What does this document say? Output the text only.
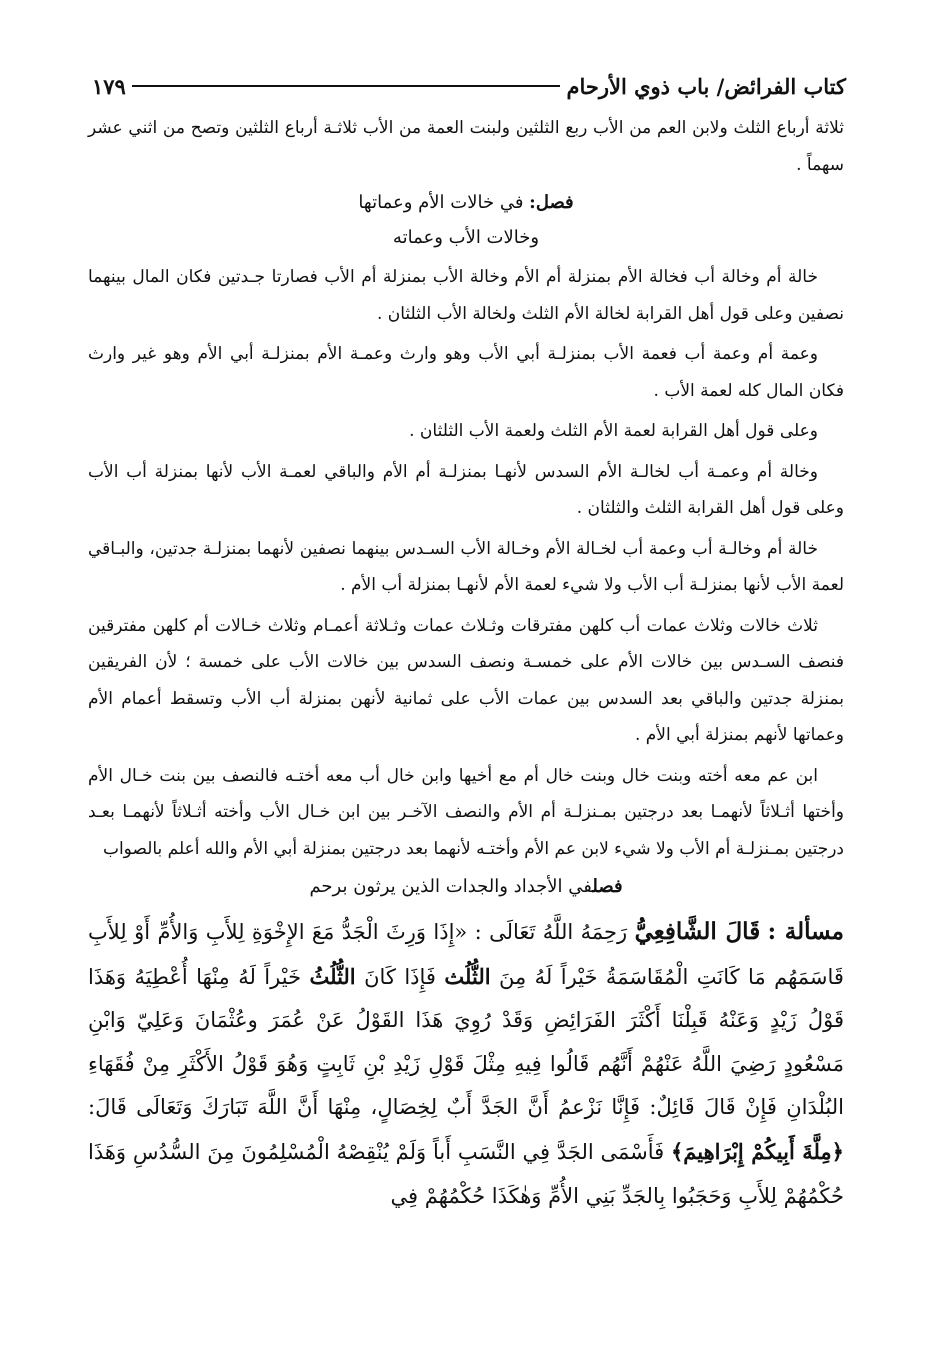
كتاب الفرائض/ باب ذوي الأرحام
١٧٩

ثلاثة أرباع الثلث ولابن العم من الأب ربع الثلثين ولبنت العمة من الأب ثلاثـة أرباع الثلثين وتصح من اثني عشر سهماً .

فصل: في خالات الأم وعماتها
وخالات الأب وعماته

خالة أم وخالة أب فخالة الأم بمنزلة أم الأم وخالة الأب بمنزلة أم الأب فصارتا جـدتين فكان المال بينهما نصفين وعلى قول أهل القرابة لخالة الأم الثلث ولخالة الأب الثلثان .

وعمة أم وعمة أب فعمة الأب بمنزلـة أبي الأب وهو وارث وعمـة الأم بمنزلـة أبي الأم وهو غير وارث فكان المال كله لعمة الأب .

وعلى قول أهل القرابة لعمة الأم الثلث ولعمة الأب الثلثان .

وخالة أم وعمـة أب لخالـة الأم السدس لأنهـا بمنزلـة أم الأم والباقي لعمـة الأب لأنها بمنزلة أب الأب وعلى قول أهل القرابة الثلث والثلثان .

خالة أم وخالـة أب وعمة أب لخـالة الأم وخـالة الأب السـدس بينهما نصفين لأنهما بمنزلـة جدتين، والبـاقي لعمة الأب لأنها بمنزلـة أب الأب ولا شيء لعمة الأم لأنهـا بمنزلة أب الأم .

ثلاث خالات وثلاث عمات أب كلهن مفترقات وثـلاث عمات وثـلاثة أعمـام وثلاث خـالات أم كلهن مفترقين فنصف السـدس بين خالات الأم على خمسـة ونصف السدس بين خالات الأب على خمسة ؛ لأن الفريقين بمنزلة جدتين والباقي بعد السدس بين عمات الأب على ثمانية لأنهن بمنزلة أب الأب وتسقط أعمام الأم وعماتها لأنهم بمنزلة أبي الأم .

ابن عم معه أخته وبنت خال وبنت خال أم مع أخيها وابن خال أب معه أختـه فالنصف بين بنت خـال الأم وأختها أثـلاثاً لأنهمـا بعد درجتين بمـنزلـة أم الأم والنصف الآخـر بين ابن خـال الأب وأخته أثـلاثاً لأنهمـا بعـد درجتين بمـنزلـة أم الأب ولا شيء لابن عم الأم وأختـه لأنهما بعد درجتين بمنزلة أبي الأم والله أعلم بالصواب

فصلفي الأجداد والجدات الذين يرثون برحم

مسألة : قَالَ الشَّافِعِيُّ رَحِمَهُ اللَّهُ تَعَالَى : «إِذَا وَرِثَ الْجَدُّ مَعَ الإِخْوَةِ لِلأَبِ وَالأُمِّ أَوْ لِلأَبِ قَاسَمَهُم مَا كَانَتِ الْمُقَاسَمَةُ خَيْراً لَهُ مِنَ الثُّلُث فَإِذَا كَانَ الثُّلُثُ خَيْراً لَهُ مِنْهَا أُعْطِيَهُ وَهَذَا قَوْلُ زَيْدٍ وَعَنْهُ قَبِلْنَا أَكْثَرَ الفَرَائِضِ وَقَدْ رُوِيَ هَذَا القَوْلُ عَنْ عُمَرَ وعُثْمَانَ وَعَلِيّ وَابْنِ مَسْعُودٍ رَضِيَ اللَّهُ عَنْهُمْ أَنَّهُم قَالُوا فِيهِ مِثْلَ قَوْلِ زَيْدِ بْنِ ثَابِتٍ وَهُوَ قَوْلُ الأَكْثَرِ مِنْ فُقَهَاءِ البُلْدَانِ فَإِنْ قَالَ قَائِلٌ: فَإِنَّا نَزْعمُ أَنَّ الجَدَّ أَبٌ لِخِصَالٍ، مِنْهَا أَنَّ اللَّهَ تَبَارَكَ وَتَعَالَى قَالَ: ﴿مِلَّةَ أَبِيكُمْ إِبْرَاهِيمَ﴾ فَأَسْمَى الجَدَّ فِي النَّسَبِ أَباً وَلَمْ يُنْقِصْهُ الْمُسْلِمُونَ مِنَ السُّدُسِ وَهَذَا حُكْمُهُمْ لِلأَبِ وَحَجَبُوا بِالجَدِّ بَنِي الأُمِّ وَهٰكَذَا حُكْمُهُمْ فِي
